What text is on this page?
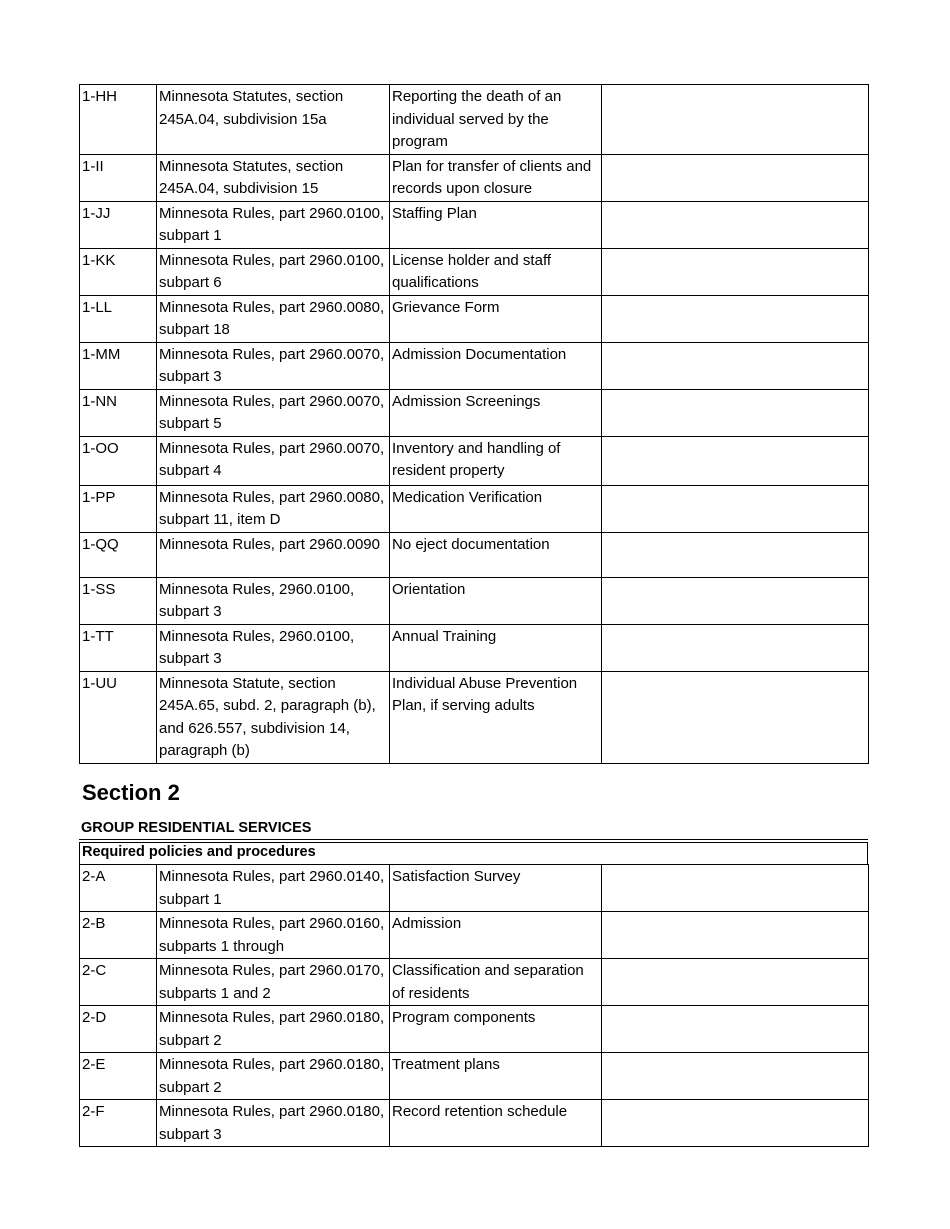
1-HH	Minnesota Statutes, section 245A.04, subdivision 15a	Reporting the death of an individual served by the program	
1-II	Minnesota Statutes, section 245A.04, subdivision 15	Plan for transfer of clients and records upon closure	
1-JJ	Minnesota Rules, part 2960.0100, subpart 1	Staffing Plan	
1-KK	Minnesota Rules, part 2960.0100, subpart 6	License holder and staff qualifications	
1-LL	Minnesota Rules, part 2960.0080, subpart 18	Grievance Form	
1-MM	Minnesota Rules, part 2960.0070, subpart 3	Admission Documentation	
1-NN	Minnesota Rules, part 2960.0070, subpart 5	Admission Screenings	
1-OO	Minnesota Rules, part 2960.0070, subpart 4	Inventory and handling of resident property	
1-PP	Minnesota Rules, part 2960.0080, subpart 11, item D	Medication Verification	
1-QQ	Minnesota Rules, part 2960.0090	No eject documentation	
1-SS	Minnesota Rules, 2960.0100, subpart 3	Orientation	
1-TT	Minnesota Rules, 2960.0100, subpart 3	Annual Training	
1-UU	Minnesota Statute, section 245A.65, subd. 2, paragraph (b), and 626.557, subdivision 14, paragraph (b)	Individual Abuse Prevention Plan, if serving adults	
Section 2
GROUP RESIDENTIAL SERVICES
Required policies and procedures
2-A	Minnesota Rules, part 2960.0140, subpart 1	Satisfaction Survey	
2-B	Minnesota Rules, part 2960.0160, subparts 1 through	Admission	
2-C	Minnesota Rules, part 2960.0170, subparts 1 and 2	Classification and separation of residents	
2-D	Minnesota Rules, part 2960.0180, subpart 2	Program components	
2-E	Minnesota Rules, part 2960.0180, subpart 2	Treatment plans	
2-F	Minnesota Rules, part 2960.0180, subpart 3	Record retention schedule	
